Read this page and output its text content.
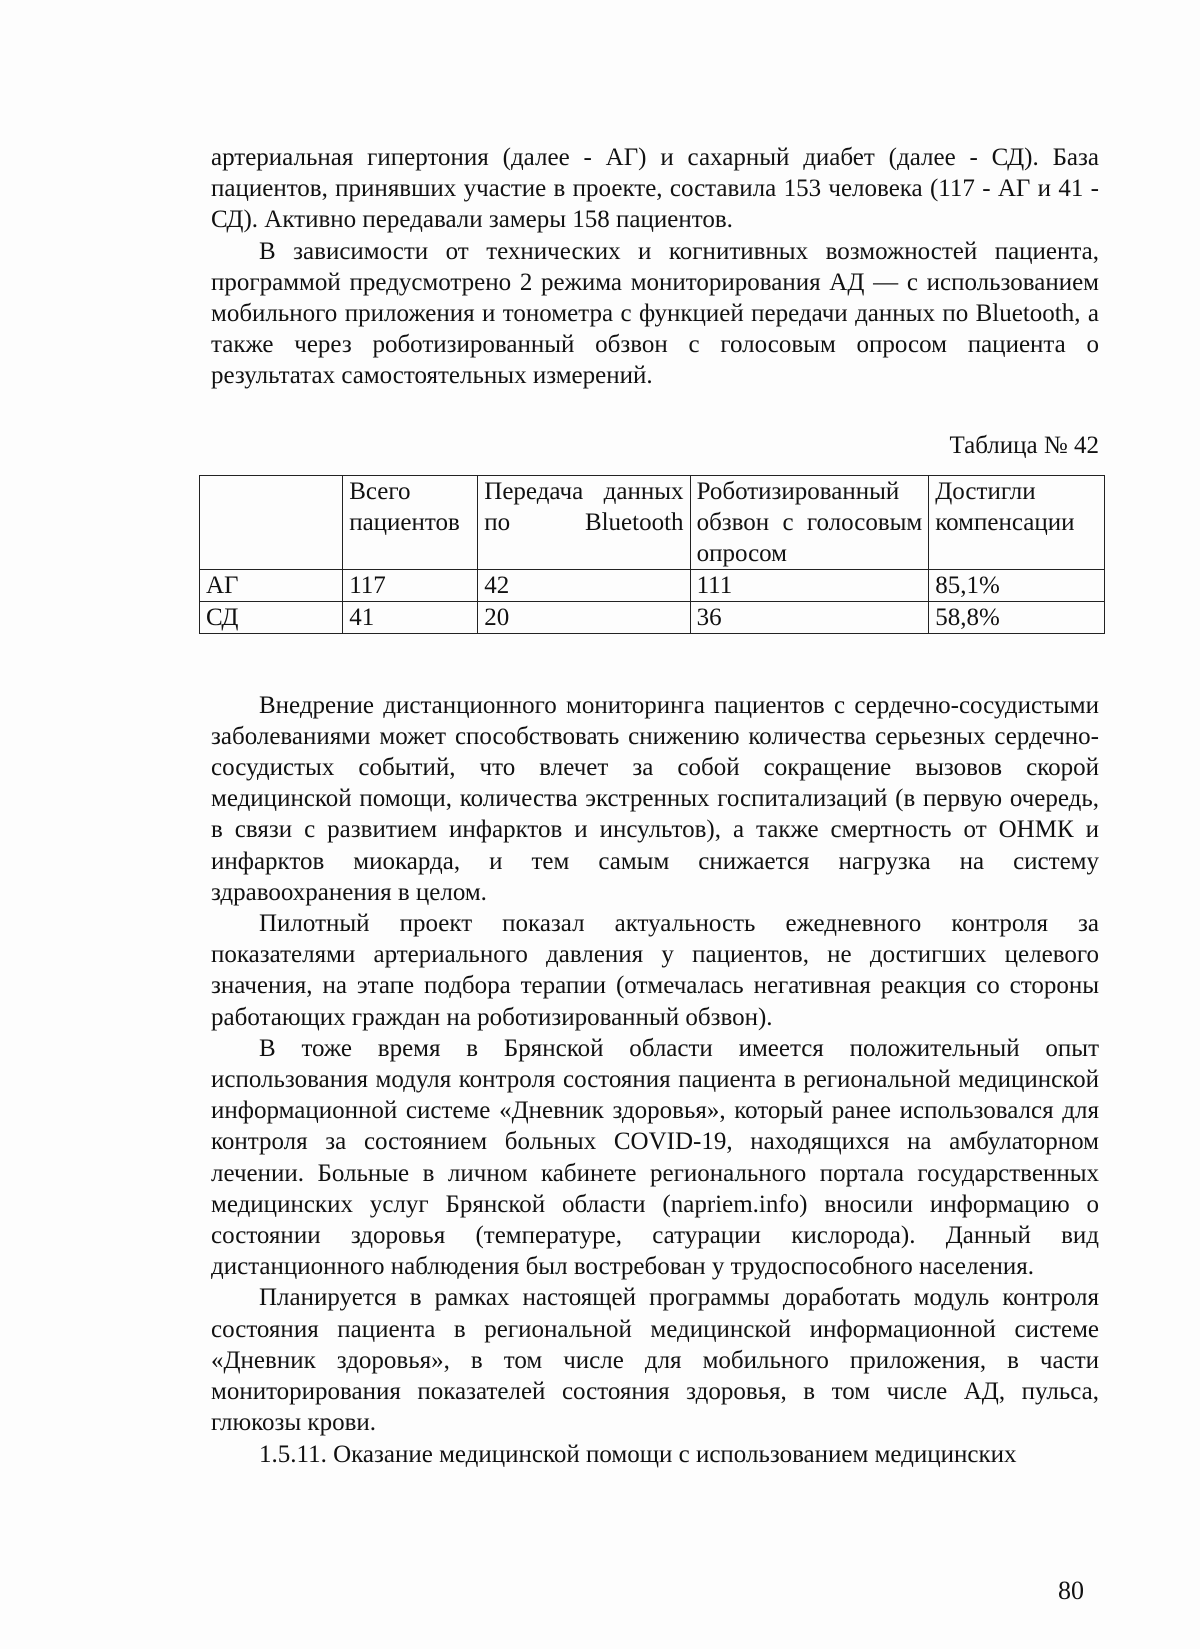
артериальная гипертония (далее - АГ) и сахарный диабет (далее - СД). База пациентов, принявших участие в проекте, составила 153 человека (117 - АГ и 41 - СД). Активно передавали замеры 158 пациентов.

В зависимости от технических и когнитивных возможностей пациента, программой предусмотрено 2 режима мониторирования АД — с использованием мобильного приложения и тонометра с функцией передачи данных по Bluetooth, а также через роботизированный обзвон с голосовым опросом пациента о результатах самостоятельных измерений.

Таблица № 42
	Всего пациентов	Передача данных по Bluetooth	Роботизированный обзвон с голосовым опросом	Достигли компенсации
АГ	117	42	111	85,1%
СД	41	20	36	58,8%

Внедрение дистанционного мониторинга пациентов с сердечно-сосудистыми заболеваниями может способствовать снижению количества серьезных сердечно-сосудистых событий, что влечет за собой сокращение вызовов скорой медицинской помощи, количества экстренных госпитализаций (в первую очередь, в связи с развитием инфарктов и инсультов), а также смертность от ОНМК и инфарктов миокарда, и тем самым снижается нагрузка на систему здравоохранения в целом.

Пилотный проект показал актуальность ежедневного контроля за показателями артериального давления у пациентов, не достигших целевого значения, на этапе подбора терапии (отмечалась негативная реакция со стороны работающих граждан на роботизированный обзвон).

В тоже время в Брянской области имеется положительный опыт использования модуля контроля состояния пациента в региональной медицинской информационной системе «Дневник здоровья», который ранее использовался для контроля за состоянием больных COVID-19, находящихся на амбулаторном лечении. Больные в личном кабинете регионального портала государственных медицинских услуг Брянской области (napriem.info) вносили информацию о состоянии здоровья (температуре, сатурации кислорода). Данный вид дистанционного наблюдения был востребован у трудоспособного населения.

Планируется в рамках настоящей программы доработать модуль контроля состояния пациента в региональной медицинской информационной системе «Дневник здоровья», в том числе для мобильного приложения, в части мониторирования показателей состояния здоровья, в том числе АД, пульса, глюкозы крови.

1.5.11. Оказание медицинской помощи с использованием медицинских

80
